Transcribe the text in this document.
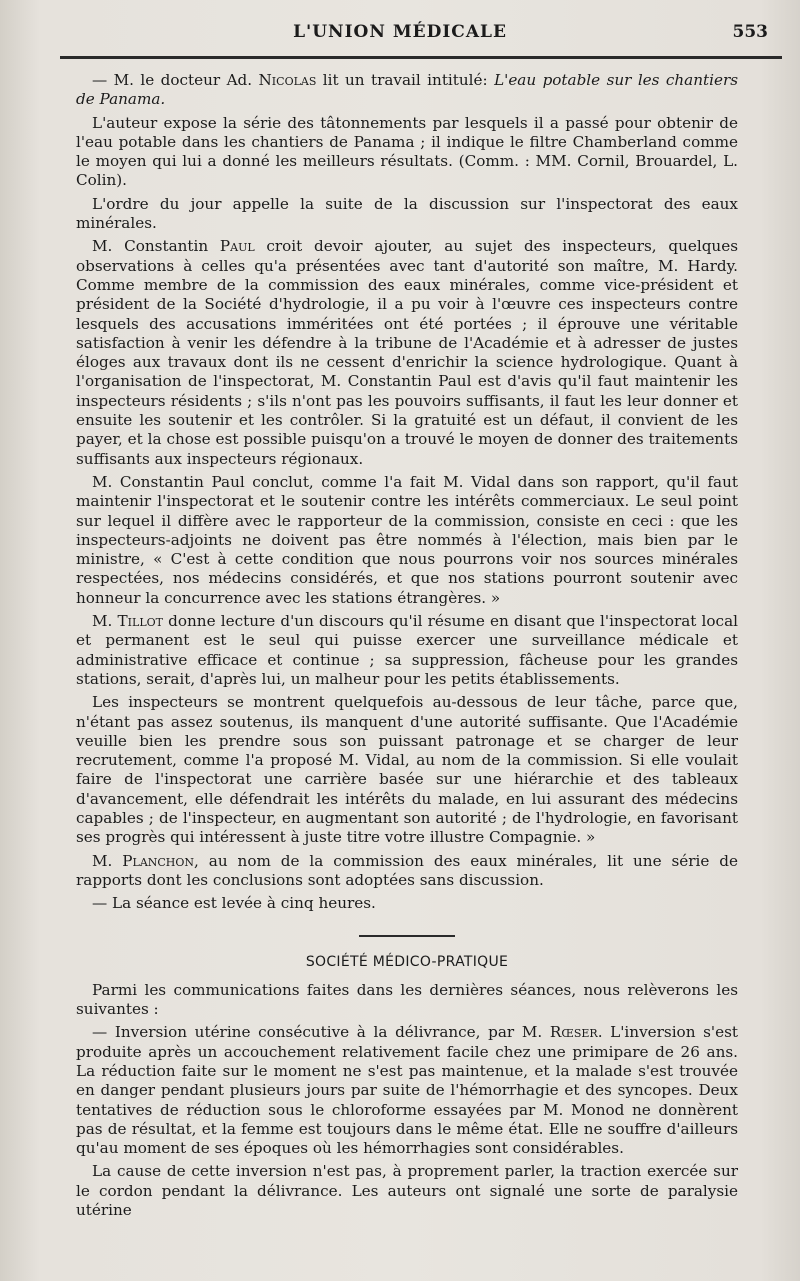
L'UNION MÉDICALE	553

— M. le docteur Ad. Nicolas lit un travail intitulé: L'eau potable sur les chantiers de Panama.

L'auteur expose la série des tâtonnements par lesquels il a passé pour obtenir de l'eau potable dans les chantiers de Panama ; il indique le filtre Chamberland comme le moyen qui lui a donné les meilleurs résultats. (Comm. : MM. Cornil, Brouardel, L. Colin).

L'ordre du jour appelle la suite de la discussion sur l'inspectorat des eaux minérales.

M. Constantin Paul croit devoir ajouter, au sujet des inspecteurs, quelques observations à celles qu'a présentées avec tant d'autorité son maître, M. Hardy. Comme membre de la commission des eaux minérales, comme vice-président et président de la Société d'hydrologie, il a pu voir à l'œuvre ces inspecteurs contre lesquels des accusations imméritées ont été portées ; il éprouve une véritable satisfaction à venir les défendre à la tribune de l'Académie et à adresser de justes éloges aux travaux dont ils ne cessent d'enrichir la science hydrologique. Quant à l'organisation de l'inspectorat, M. Constantin Paul est d'avis qu'il faut maintenir les inspecteurs résidents ; s'ils n'ont pas les pouvoirs suffisants, il faut les leur donner et ensuite les soutenir et les contrôler. Si la gratuité est un défaut, il convient de les payer, et la chose est possible puisqu'on a trouvé le moyen de donner des traitements suffisants aux inspecteurs régionaux.

M. Constantin Paul conclut, comme l'a fait M. Vidal dans son rapport, qu'il faut maintenir l'inspectorat et le soutenir contre les intérêts commerciaux. Le seul point sur lequel il diffère avec le rapporteur de la commission, consiste en ceci : que les inspecteurs-adjoints ne doivent pas être nommés à l'élection, mais bien par le ministre, « C'est à cette condition que nous pourrons voir nos sources minérales respectées, nos médecins considérés, et que nos stations pourront soutenir avec honneur la concurrence avec les stations étrangères. »

M. Tillot donne lecture d'un discours qu'il résume en disant que l'inspectorat local et permanent est le seul qui puisse exercer une surveillance médicale et administrative efficace et continue ; sa suppression, fâcheuse pour les grandes stations, serait, d'après lui, un malheur pour les petits établissements.

Les inspecteurs se montrent quelquefois au-dessous de leur tâche, parce que, n'étant pas assez soutenus, ils manquent d'une autorité suffisante. Que l'Académie veuille bien les prendre sous son puissant patronage et se charger de leur recrutement, comme l'a proposé M. Vidal, au nom de la commission. Si elle voulait faire de l'inspectorat une carrière basée sur une hiérarchie et des tableaux d'avancement, elle défendrait les intérêts du malade, en lui assurant des médecins capables ; de l'inspecteur, en augmentant son autorité ; de l'hydrologie, en favorisant ses progrès qui intéressent à juste titre votre illustre Compagnie. »

M. Planchon, au nom de la commission des eaux minérales, lit une série de rapports dont les conclusions sont adoptées sans discussion.

— La séance est levée à cinq heures.

SOCIÉTÉ MÉDICO-PRATIQUE

Parmi les communications faites dans les dernières séances, nous relèverons les suivantes :

— Inversion utérine consécutive à la délivrance, par M. Rœser. L'inversion s'est produite après un accouchement relativement facile chez une primipare de 26 ans. La réduction faite sur le moment ne s'est pas maintenue, et la malade s'est trouvée en danger pendant plusieurs jours par suite de l'hémorrhagie et des syncopes. Deux tentatives de réduction sous le chloroforme essayées par M. Monod ne donnèrent pas de résultat, et la femme est toujours dans le même état. Elle ne souffre d'ailleurs qu'au moment de ses époques où les hémorrhagies sont considérables.

La cause de cette inversion n'est pas, à proprement parler, la traction exercée sur le cordon pendant la délivrance. Les auteurs ont signalé une sorte de paralysie utérine
